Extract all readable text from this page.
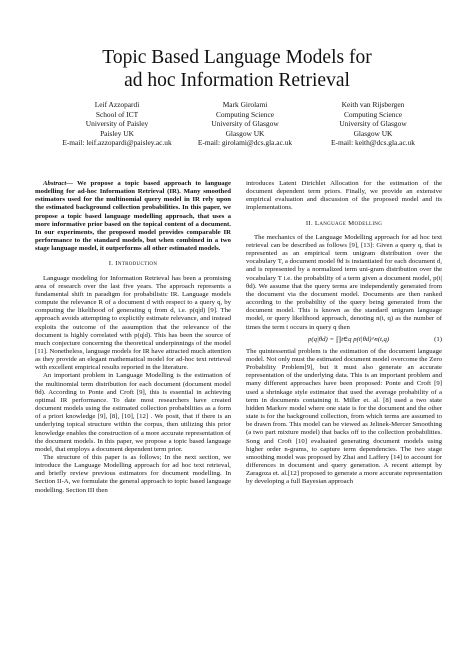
Topic Based Language Models for
ad hoc Information Retrieval
Leif Azzopardi
School of ICT
University of Paisley
Paisley UK
E-mail: leif.azzopardi@paisley.ac.uk
Mark Girolami
Computing Science
University of Glasgow
Glasgow UK
E-mail: girolami@dcs.gla.ac.uk
Keith van Rijsbergen
Computing Science
University of Glasgow
Glasgow UK
E-mail: keith@dcs.gla.ac.uk

Abstract— We propose a topic based approach to language modelling for ad-hoc Information Retrieval (IR). Many smoothed estimators used for the multinomial query model in IR rely upon the estimated background collection probabilities. In this paper, we propose a topic based language modelling approach, that uses a more informative prior based on the topical content of a document. In our experiments, the proposed model provides comparable IR performance to the standard models, but when combined in a two stage language model, it outperforms all other estimated models.

I. Introduction

Language modeling for Information Retrieval has been a promising area of research over the last five years. The approach represents a fundamental shift in paradigm for probabilistic IR. Language models compute the relevance R of a document d with respect to a query q, by computing the likelihood of generating q from d, i.e. p(q|d) [9]. The approach avoids attempting to explicitly estimate relevance, and instead exploits the outcome of the assumption that the relevance of the document is highly correlated with p(q|d). This has been the source of much conjecture concerning the theoretical underpinnings of the model [11]. Nonetheless, language models for IR have attracted much attention as they provide an elegant mathematical model for ad-hoc text retrieval with excellent empirical results reported in the literature.

An important problem in Language Modelling is the estimation of the multinomial term distribution for each document (document model θd). According to Ponte and Croft [9], this is essential in achieving optimal IR performance. To date most researchers have created document models using the estimated collection probabilities as a form of a priori knowledge [9], [8], [10], [12] . We posit, that if there is an underlying topical structure within the corpus, then utilizing this prior knowledge enables the construction of a more accurate representation of the document models. In this paper, we propose a topic based language model, that employs a document dependent term prior.

The structure of this paper is as follows; In the next section, we introduce the Language Modelling approach for ad hoc text retrieval, and briefly review previous estimators for document modelling. In Section II-A, we formulate the general approach to topic based language modelling. Section III then

introduces Latent Dirichlet Allocation for the estimation of the document dependent term priors. Finally, we provide an extensive empirical evaluation and discussion of the proposed model and its implementations.

II. Language Modelling

The mechanics of the Language Modelling approach for ad hoc text retrieval can be described as follows [9], [13]: Given a query q, that is represented as an empirical term unigram distribution over the vocabulary T, a document model θd is instantiated for each document d, and is represented by a normalized term uni-gram distribution over the vocabulary T i.e. the probability of a term given a document model, p(t|θd). We assume that the query terms are independently generated from the document via the document model. Documents are then ranked according to the probability of the query being generated from the document model. This is known as the standard unigram language model, or query likelihood approach, denoting n(t, q) as the number of times the term t occurs in query q then

p(q|θd) = ∏t∈q p(t|θd)^n(t,q)	(1)

The quintessential problem is the estimation of the document language model. Not only must the estimated document model overcome the Zero Probability Problem[9], but it must also generate an accurate representation of the underlying data. This is an important problem and many different approaches have been proposed: Ponte and Croft [9] used a shrinkage style estimator that used the average probability of a term in documents containing it. Miller et. al. [8] used a two state hidden Markov model where one state is for the document and the other state is for the background collection, from which terms are assumed to be drawn from. This model can be viewed as Jelinek-Mercer Smoothing (a two part mixture model) that backs off to the collection probabilities. Song and Croft [10] evaluated generating document models using higher order n-grams, to capture term dependencies. The two stage smoothing model was proposed by Zhai and Laffery [14] to account for differences in document and query generation. A recent attempt by Zaragoza et. al.[12] proposed to generate a more accurate representation by developing a full Bayesian approach
